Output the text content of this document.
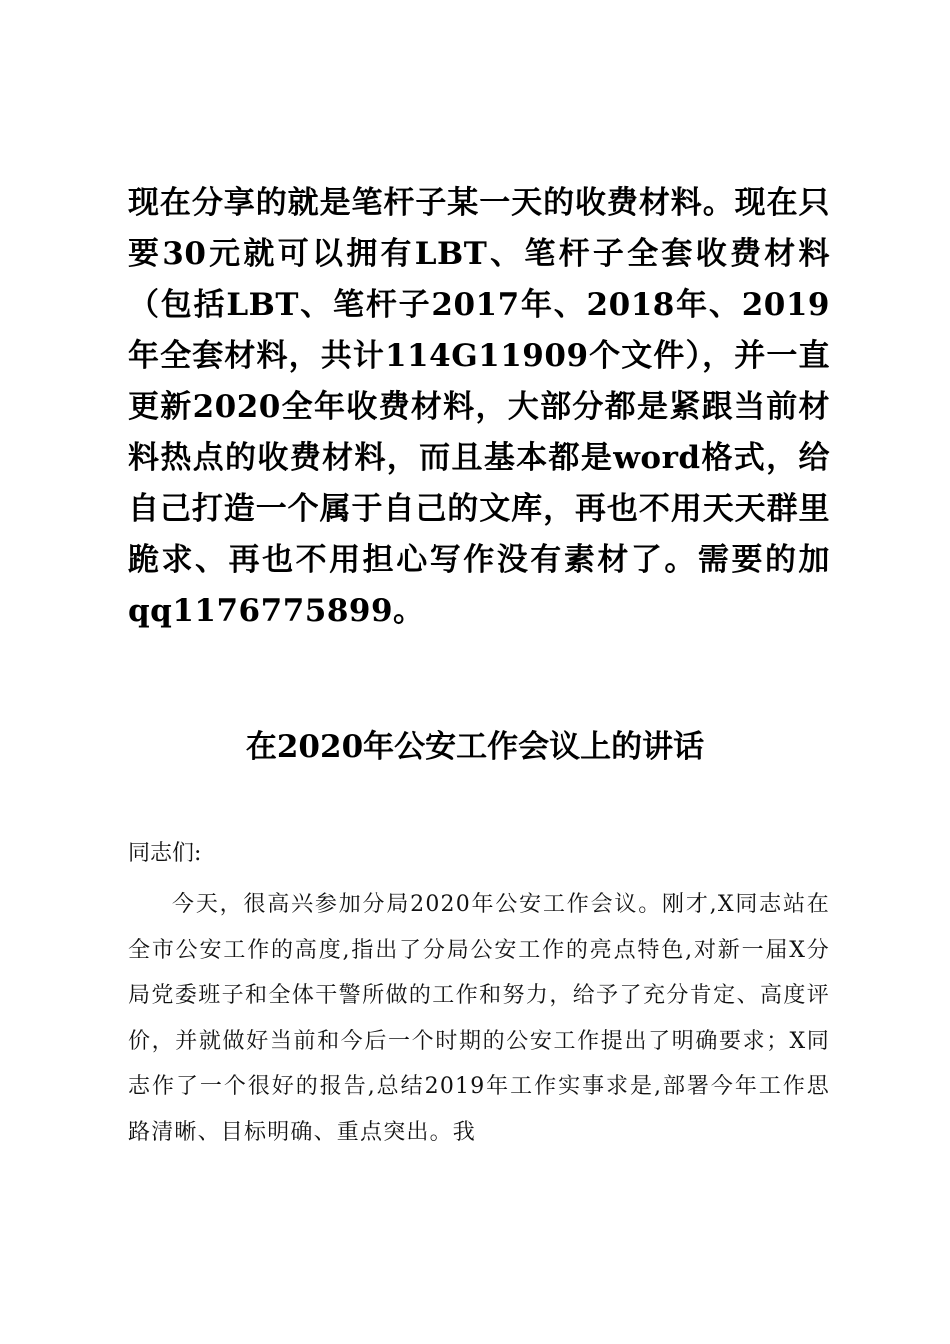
现在分享的就是笔杆子某一天的收费材料。现在只要30元就可以拥有LBT、笔杆子全套收费材料（包括LBT、笔杆子2017年、2018年、2019年全套材料，共计114G11909个文件），并一直更新2020全年收费材料，大部分都是紧跟当前材料热点的收费材料，而且基本都是word格式，给自己打造一个属于自己的文库，再也不用天天群里跪求、再也不用担心写作没有素材了。需要的加qq1176775899。

在2020年公安工作会议上的讲话

同志们:

今天，很高兴参加分局2020年公安工作会议。刚才,X同志站在全市公安工作的高度,指出了分局公安工作的亮点特色,对新一届X分局党委班子和全体干警所做的工作和努力，给予了充分肯定、高度评价，并就做好当前和今后一个时期的公安工作提出了明确要求；X同志作了一个很好的报告,总结2019年工作实事求是,部署今年工作思路清晰、目标明确、重点突出。我
